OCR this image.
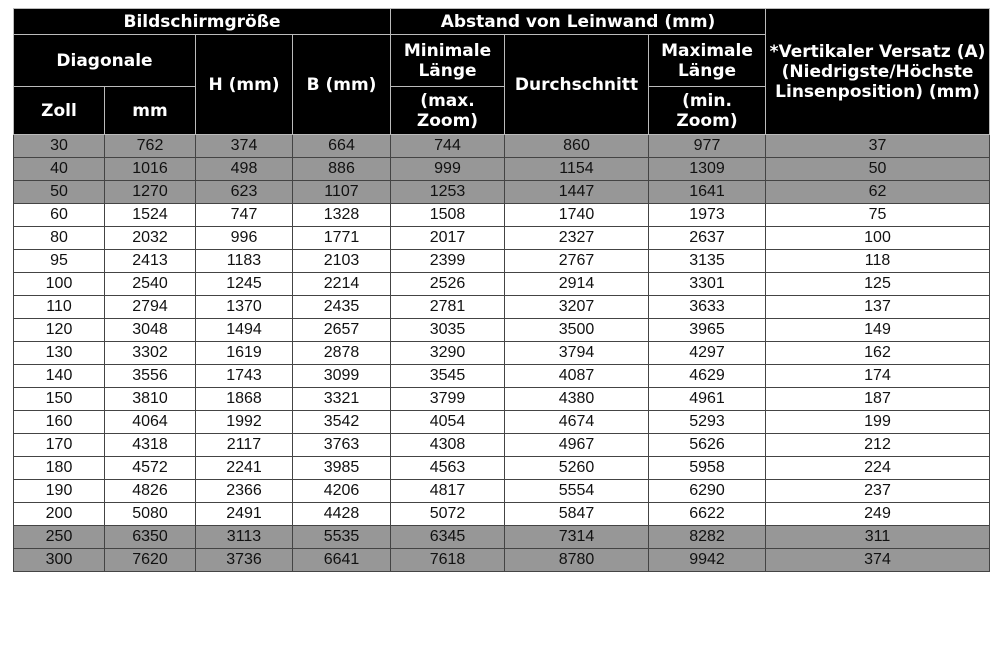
Bildschirmgröße				Abstand von Leinwand (mm)			*Vertikaler Versatz (A) (Niedrigste/Höchste Linsenposition) (mm)
Diagonale		H (mm)	B (mm)	Minimale Länge	Durchschnitt	Maximale Länge	
Zoll	mm			(max. Zoom)		(min. Zoom)	
30	762	374	664	744	860	977	37
40	1016	498	886	999	1154	1309	50
50	1270	623	1107	1253	1447	1641	62
60	1524	747	1328	1508	1740	1973	75
80	2032	996	1771	2017	2327	2637	100
95	2413	1183	2103	2399	2767	3135	118
100	2540	1245	2214	2526	2914	3301	125
110	2794	1370	2435	2781	3207	3633	137
120	3048	1494	2657	3035	3500	3965	149
130	3302	1619	2878	3290	3794	4297	162
140	3556	1743	3099	3545	4087	4629	174
150	3810	1868	3321	3799	4380	4961	187
160	4064	1992	3542	4054	4674	5293	199
170	4318	2117	3763	4308	4967	5626	212
180	4572	2241	3985	4563	5260	5958	224
190	4826	2366	4206	4817	5554	6290	237
200	5080	2491	4428	5072	5847	6622	249
250	6350	3113	5535	6345	7314	8282	311
300	7620	3736	6641	7618	8780	9942	374
